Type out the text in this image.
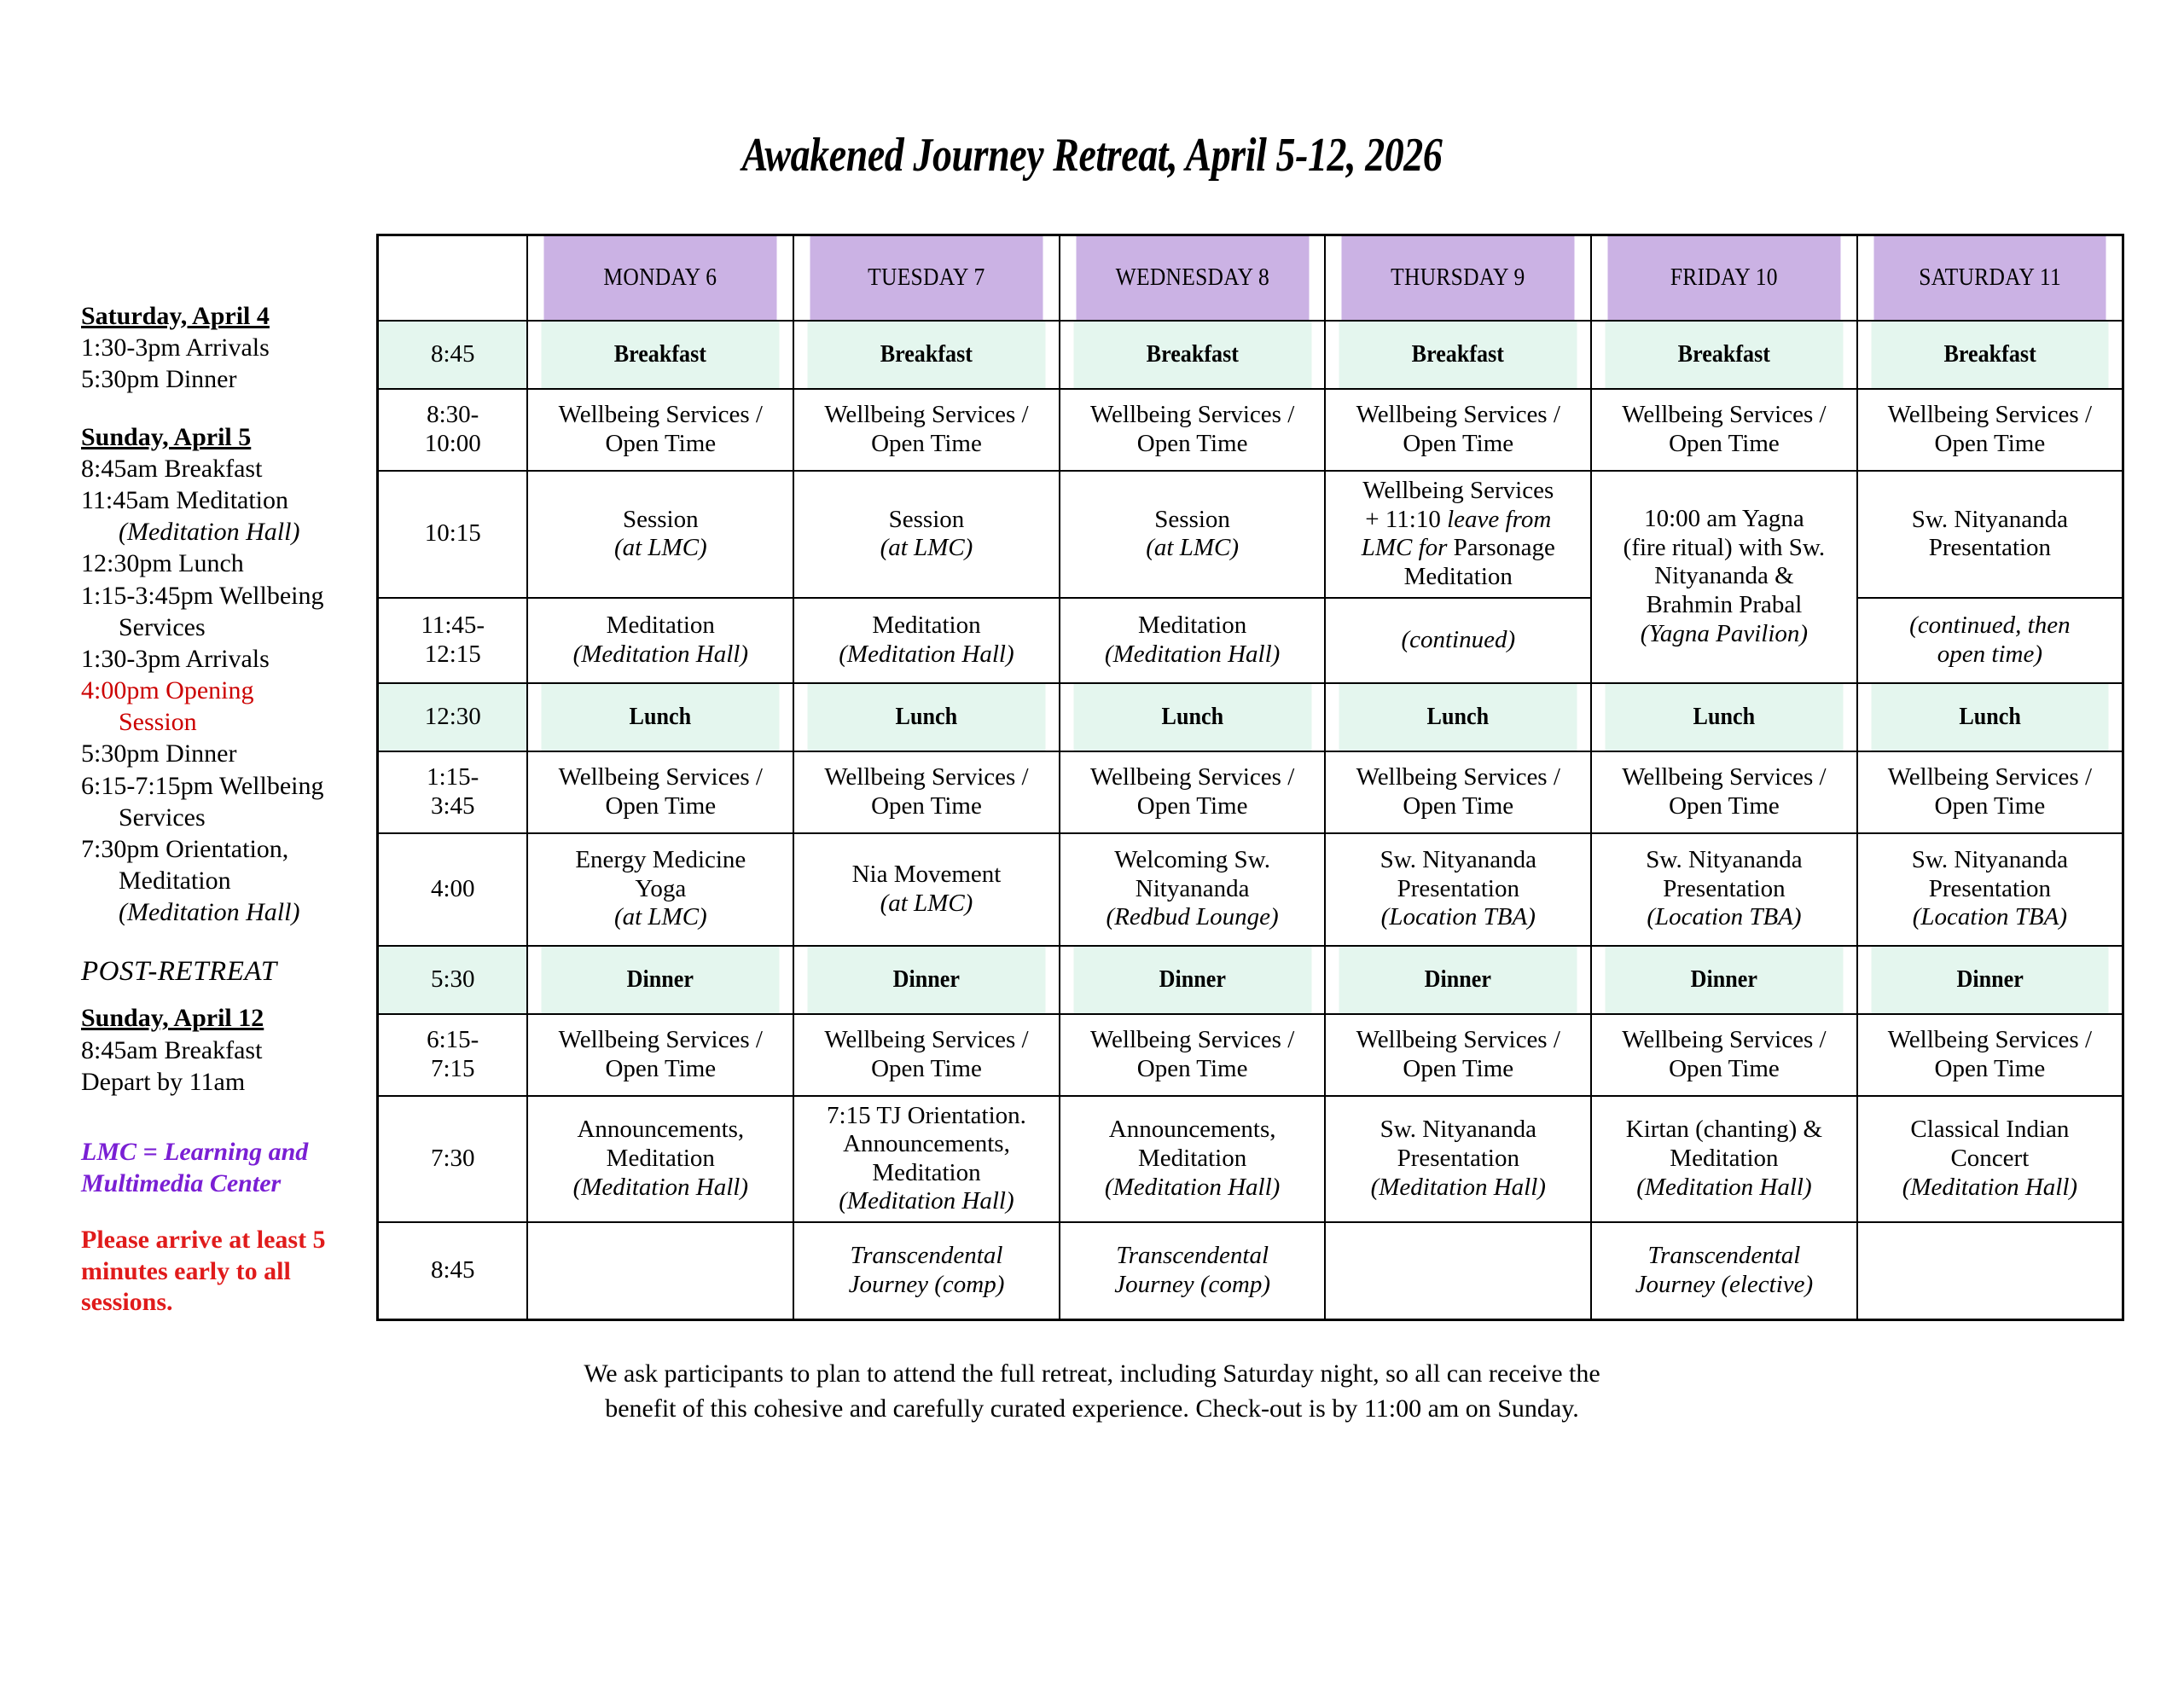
Awakened Journey Retreat, April 5-12, 2026
Saturday, April 4
1:30-3pm Arrivals
5:30pm Dinner
Sunday, April 5
8:45am Breakfast
11:45am Meditation
(Meditation Hall)
12:30pm Lunch
1:15-3:45pm Wellbeing
Services
1:30-3pm Arrivals
4:00pm Opening
Session
5:30pm Dinner
6:15-7:15pm Wellbeing
Services
7:30pm Orientation,
Meditation
(Meditation Hall)
POST-RETREAT
Sunday, April 12
8:45am Breakfast
Depart by 11am
LMC = Learning and
Multimedia Center
Please arrive at least 5
minutes early to all
sessions.
	MONDAY 6	TUESDAY 7	WEDNESDAY 8	THURSDAY 9	FRIDAY 10	SATURDAY 11
8:45	Breakfast	Breakfast	Breakfast	Breakfast	Breakfast	Breakfast

8:30-
10:00	Wellbeing Services /
Open Time	Wellbeing Services /
Open Time	Wellbeing Services /
Open Time	Wellbeing Services /
Open Time	Wellbeing Services /
Open Time	Wellbeing Services /
Open Time

10:15	Session
(at LMC)	Session
(at LMC)	Session
(at LMC)	Wellbeing Services
+ 11:10 leave from
LMC for Parsonage
Meditation	10:00 am Yagna
(fire ritual) with Sw.
Nityananda &
Brahmin Prabal
(Yagna Pavilion)	Sw. Nityananda
Presentation

11:45-
12:15	Meditation
(Meditation Hall)	Meditation
(Meditation Hall)	Meditation
(Meditation Hall)	(continued)		(continued, then
open time)

12:30	Lunch	Lunch	Lunch	Lunch	Lunch	Lunch

1:15-
3:45	Wellbeing Services /
Open Time	Wellbeing Services /
Open Time	Wellbeing Services /
Open Time	Wellbeing Services /
Open Time	Wellbeing Services /
Open Time	Wellbeing Services /
Open Time

4:00	Energy Medicine
Yoga
(at LMC)	Nia Movement
(at LMC)	Welcoming Sw.
Nityananda
(Redbud Lounge)	Sw. Nityananda
Presentation
(Location TBA)	Sw. Nityananda
Presentation
(Location TBA)	Sw. Nityananda
Presentation
(Location TBA)

5:30	Dinner	Dinner	Dinner	Dinner	Dinner	Dinner

6:15-
7:15	Wellbeing Services /
Open Time	Wellbeing Services /
Open Time	Wellbeing Services /
Open Time	Wellbeing Services /
Open Time	Wellbeing Services /
Open Time	Wellbeing Services /
Open Time

7:30	Announcements,
Meditation
(Meditation Hall)	7:15 TJ Orientation.
Announcements,
Meditation
(Meditation Hall)	Announcements,
Meditation
(Meditation Hall)	Sw. Nityananda
Presentation
(Meditation Hall)	Kirtan (chanting) &
Meditation
(Meditation Hall)	Classical Indian
Concert
(Meditation Hall)

8:45		Transcendental
Journey (comp)	Transcendental
Journey (comp)		Transcendental
Journey (elective)	

We ask participants to plan to attend the full retreat, including Saturday night, so all can receive the
benefit of this cohesive and carefully curated experience. Check-out is by 11:00 am on Sunday.
